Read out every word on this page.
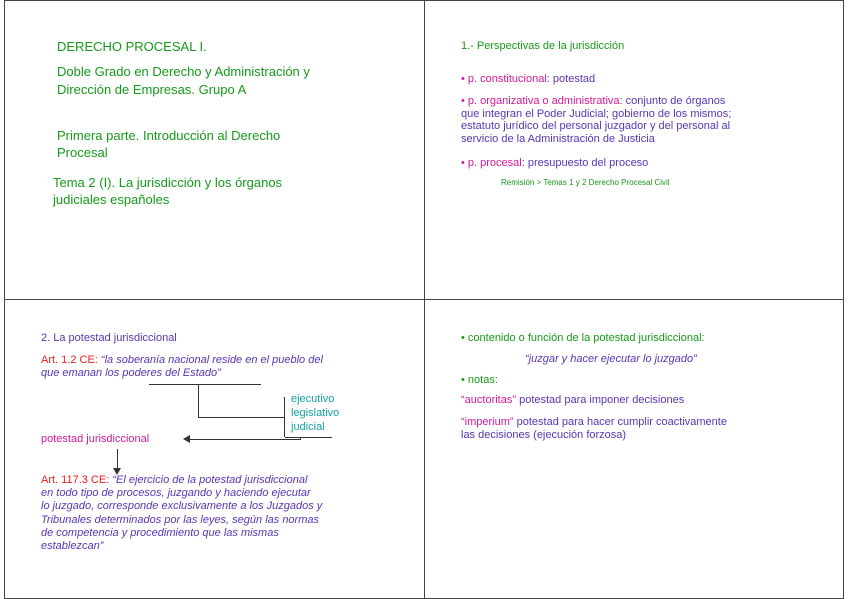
DERECHO PROCESAL I.
Doble Grado en Derecho y Administración y
Dirección de Empresas. Grupo A
Primera parte. Introducción al Derecho
Procesal
Tema 2 (I). La jurisdicción y los órganos
judiciales españoles
1.- Perspectivas de la jurisdicción
• p. constitucional: potestad
• p. organizativa o administrativa: conjunto de órganos
que integran el Poder Judicial; gobierno de los mismos;
estatuto jurídico del personal juzgador y del personal al
servicio de la Administración de Justicia
• p. procesal: presupuesto del proceso
Remisión > Temas 1 y 2 Derecho Procesal Civil
2. La potestad jurisdiccional
Art. 1.2 CE: “la soberanía nacional reside en el pueblo del
que emanan los poderes del Estado”
ejecutivo
legislativo
judicial
potestad jurisdiccional
Art. 117.3 CE: “El ejercicio de la potestad jurisdiccional
en todo tipo de procesos, juzgando y haciendo ejecutar
lo juzgado, corresponde exclusivamente a los Juzgados y
Tribunales determinados por las leyes, según las normas
de competencia y procedimiento que las mismas
establezcan”
• contenido o función de la potestad jurisdiccional:
“juzgar y hacer ejecutar lo juzgado”
• notas:
“auctoritas” potestad para imponer decisiones
“imperium” potestad para hacer cumplir coactivamente
las decisiones (ejecución forzosa)
